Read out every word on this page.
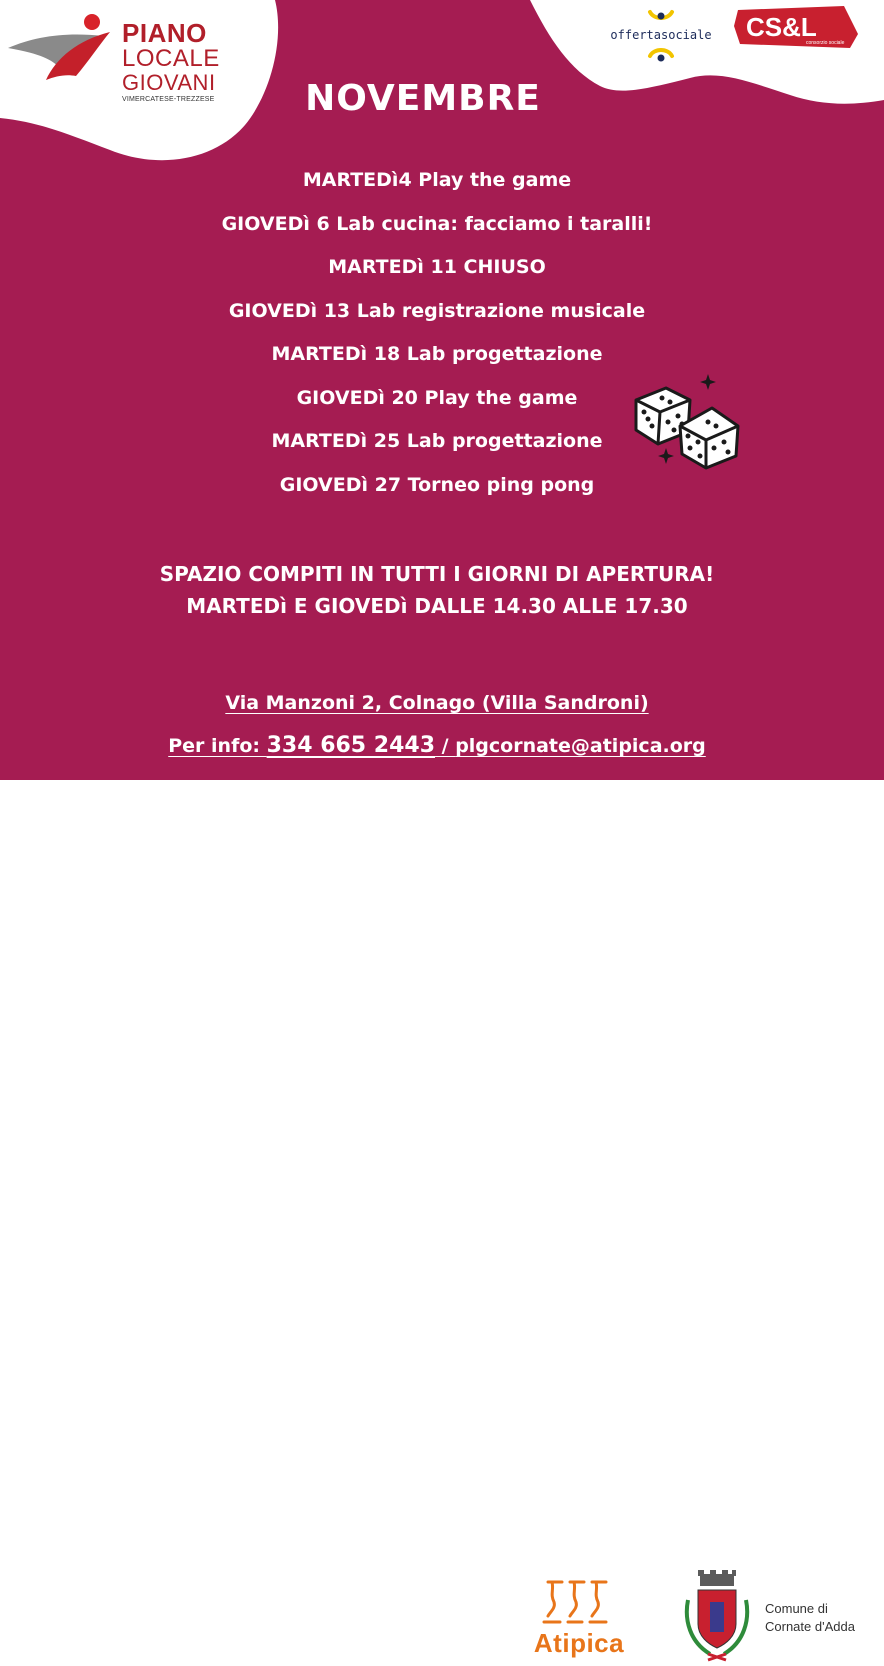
PIANO
LOCALE
GIOVANI
VIMERCATESE-TREZZESE
offertasociale	CS&L
consorzio sociale
NOVEMBRE
MARTEDì4 Play the game
GIOVEDì 6 Lab cucina: facciamo i taralli!
MARTEDì 11 CHIUSO
GIOVEDì 13 Lab registrazione musicale
MARTEDì 18 Lab progettazione
GIOVEDì 20 Play the game
MARTEDì 25 Lab progettazione
GIOVEDì 27 Torneo ping pong
SPAZIO COMPITI IN TUTTI I GIORNI DI APERTURA!
MARTEDì E GIOVEDì DALLE 14.30 ALLE 17.30
Via Manzoni 2, Colnago (Villa Sandroni)
Per info: 334 665 2443 / plgcornate@atipica.org
Atipica
Comune di
Cornate d'Adda
